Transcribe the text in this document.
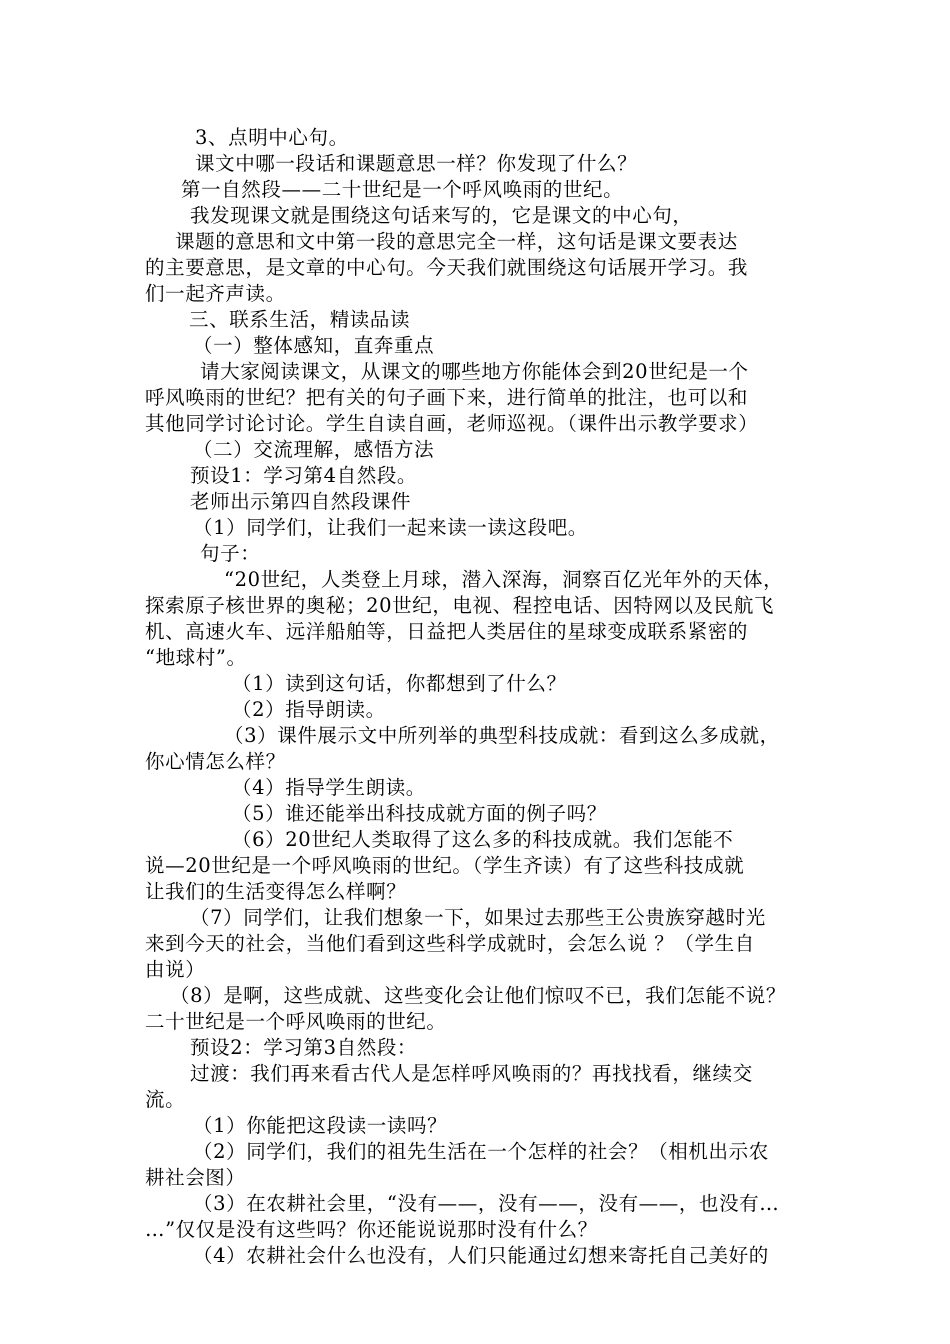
3、点明中心句。
课文中哪一段话和课题意思一样？你发现了什么？
第一自然段——二十世纪是一个呼风唤雨的世纪。
我发现课文就是围绕这句话来写的，它是课文的中心句，
课题的意思和文中第一段的意思完全一样，这句话是课文要表达
的主要意思，是文章的中心句。今天我们就围绕这句话展开学习。我
们一起齐声读。
三、联系生活，精读品读
（一）整体感知，直奔重点
请大家阅读课文，从课文的哪些地方你能体会到20世纪是一个
呼风唤雨的世纪？把有关的句子画下来，进行简单的批注，也可以和
其他同学讨论讨论。学生自读自画，老师巡视。（课件出示教学要求）
（二）交流理解，感悟方法
预设1：学习第4自然段。
老师出示第四自然段课件
（1）同学们，让我们一起来读一读这段吧。
句子：
“20世纪，人类登上月球，潜入深海，洞察百亿光年外的天体，
探索原子核世界的奥秘；20世纪，电视、程控电话、因特网以及民航飞
机、高速火车、远洋船舶等，日益把人类居住的星球变成联系紧密的
“地球村”。
（1）读到这句话，你都想到了什么？
（2）指导朗读。
（3）课件展示文中所列举的典型科技成就：看到这么多成就，
你心情怎么样？
（4）指导学生朗读。
（5）谁还能举出科技成就方面的例子吗？
（6）20世纪人类取得了这么多的科技成就。我们怎能不
说—20世纪是一个呼风唤雨的世纪。（学生齐读）有了这些科技成就
让我们的生活变得怎么样啊？
（7）同学们，让我们想象一下，如果过去那些王公贵族穿越时光
来到今天的社会，当他们看到这些科学成就时，会怎么说 ？（学生自
由说）
（8）是啊，这些成就、这些变化会让他们惊叹不已，我们怎能不说？
二十世纪是一个呼风唤雨的世纪。
预设2：学习第3自然段：
过渡：我们再来看古代人是怎样呼风唤雨的？再找找看，继续交
流。
（1）你能把这段读一读吗？
（2）同学们，我们的祖先生活在一个怎样的社会？（相机出示农
耕社会图）
（3）在农耕社会里，“没有——，没有——，没有——，也没有…
…”仅仅是没有这些吗？你还能说说那时没有什么？
（4）农耕社会什么也没有，人们只能通过幻想来寄托自己美好的
